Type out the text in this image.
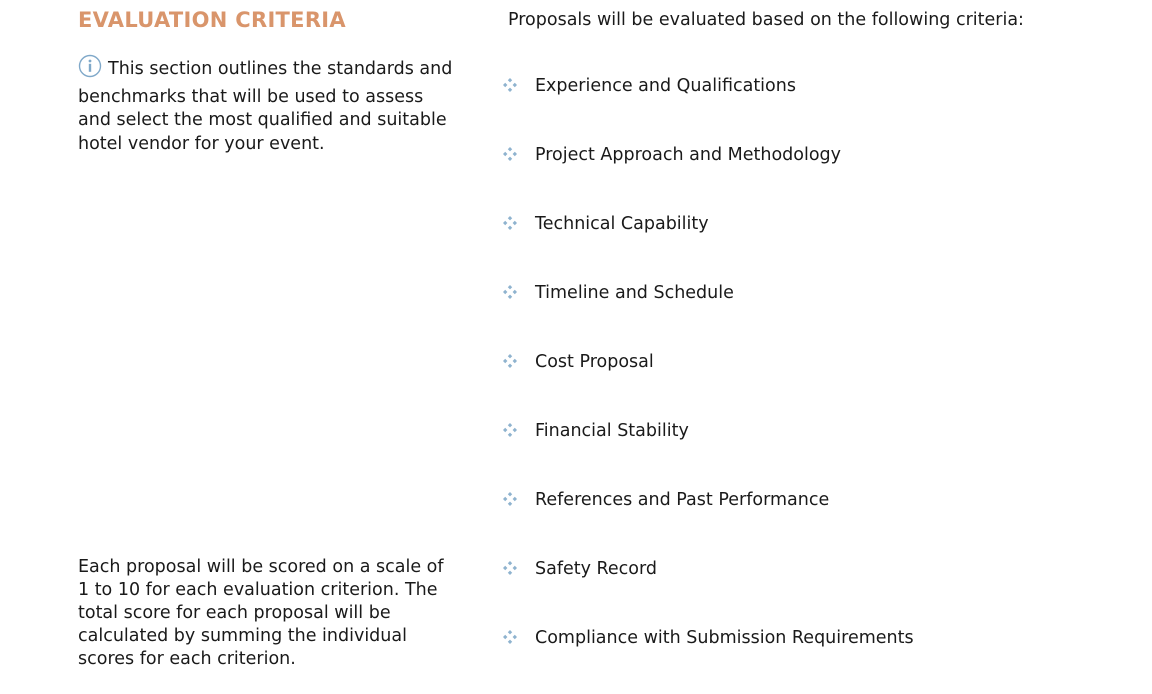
EVALUATION CRITERIA

This section outlines the standards and benchmarks that will be used to assess and select the most qualified and suitable hotel vendor for your event.

Each proposal will be scored on a scale of 1 to 10 for each evaluation criterion. The total score for each proposal will be calculated by summing the individual scores for each criterion.

Proposals will be evaluated based on the following criteria:

Experience and Qualifications
Project Approach and Methodology
Technical Capability
Timeline and Schedule
Cost Proposal
Financial Stability
References and Past Performance
Safety Record
Compliance with Submission Requirements
